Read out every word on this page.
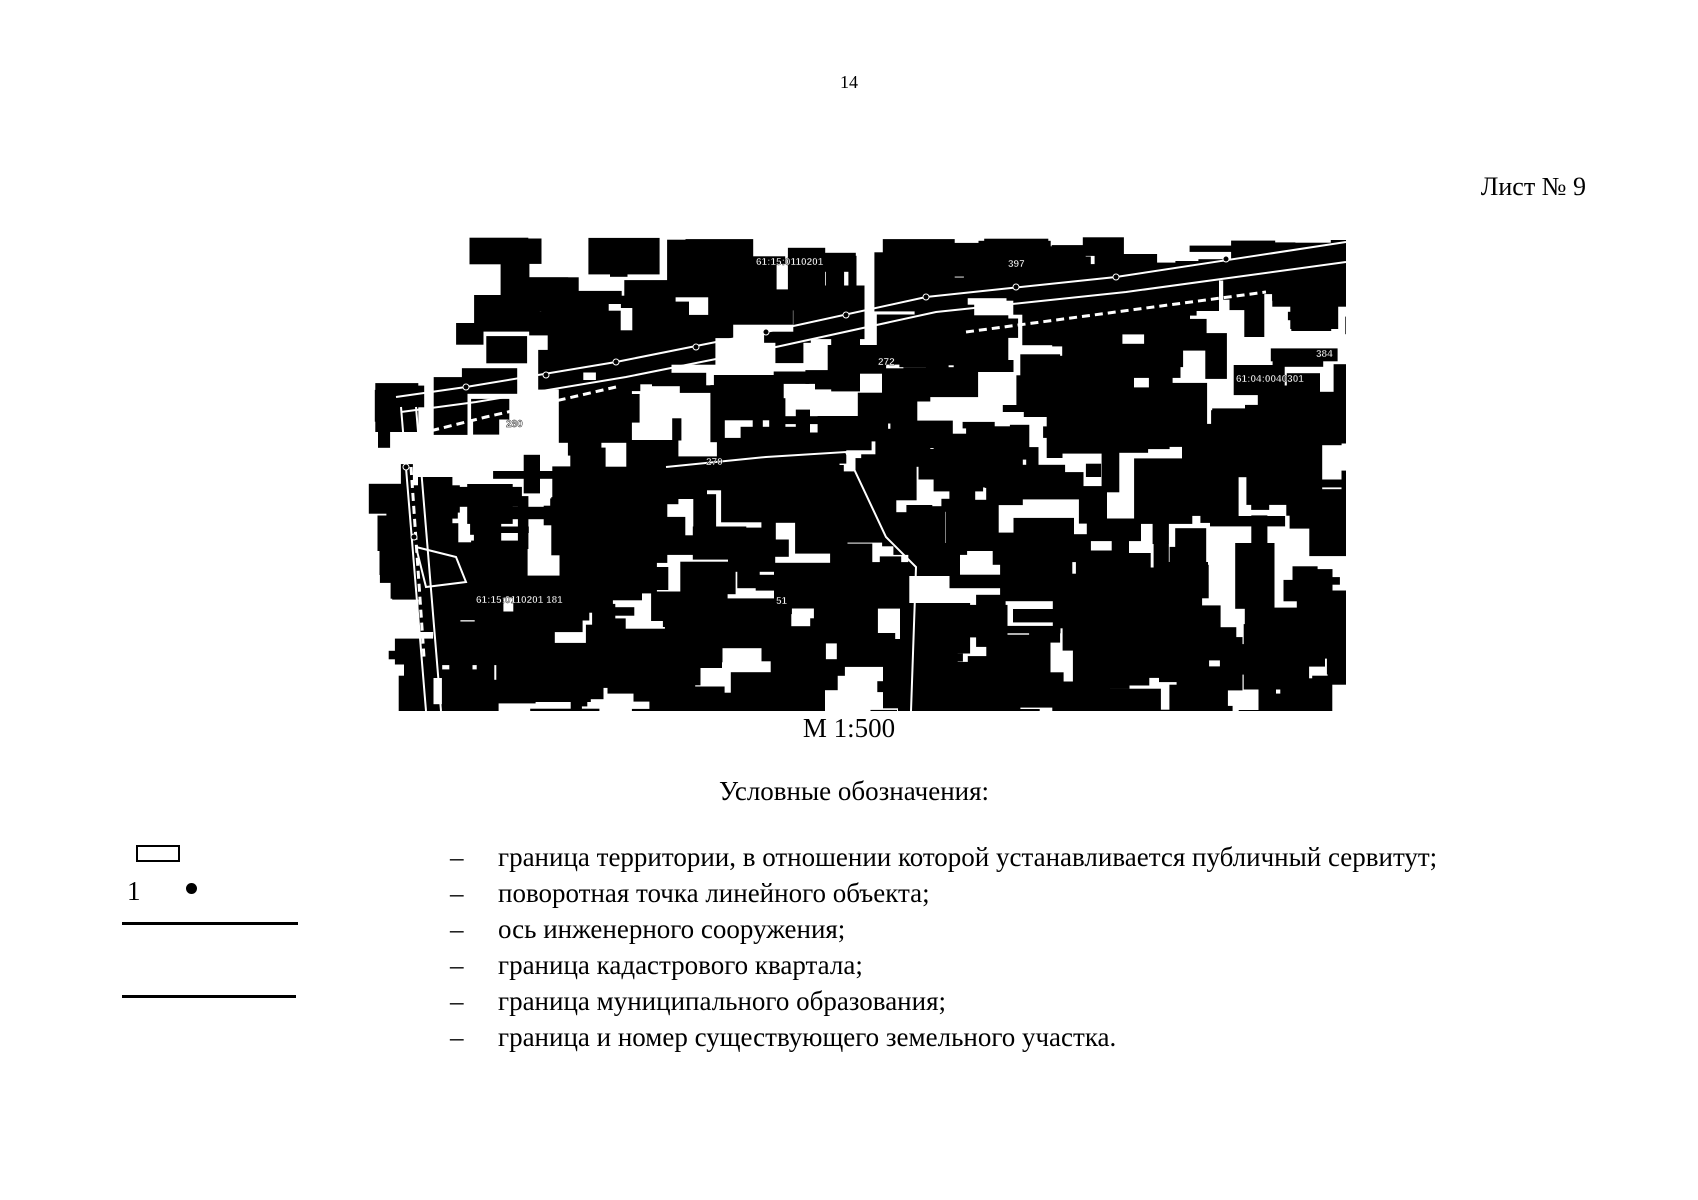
14
Лист № 9
61:15:0110201
61:04:0040301
61:15:0110201 181
397
272
270
384
280
51
М 1:500
Условные обозначения:
1
– граница территории, в отношении которой устанавливается публичный сервитут;
– поворотная точка линейного объекта;
– ось инженерного сооружения;
– граница кадастрового квартала;
– граница муниципального образования;
– граница и номер существующего земельного участка.
